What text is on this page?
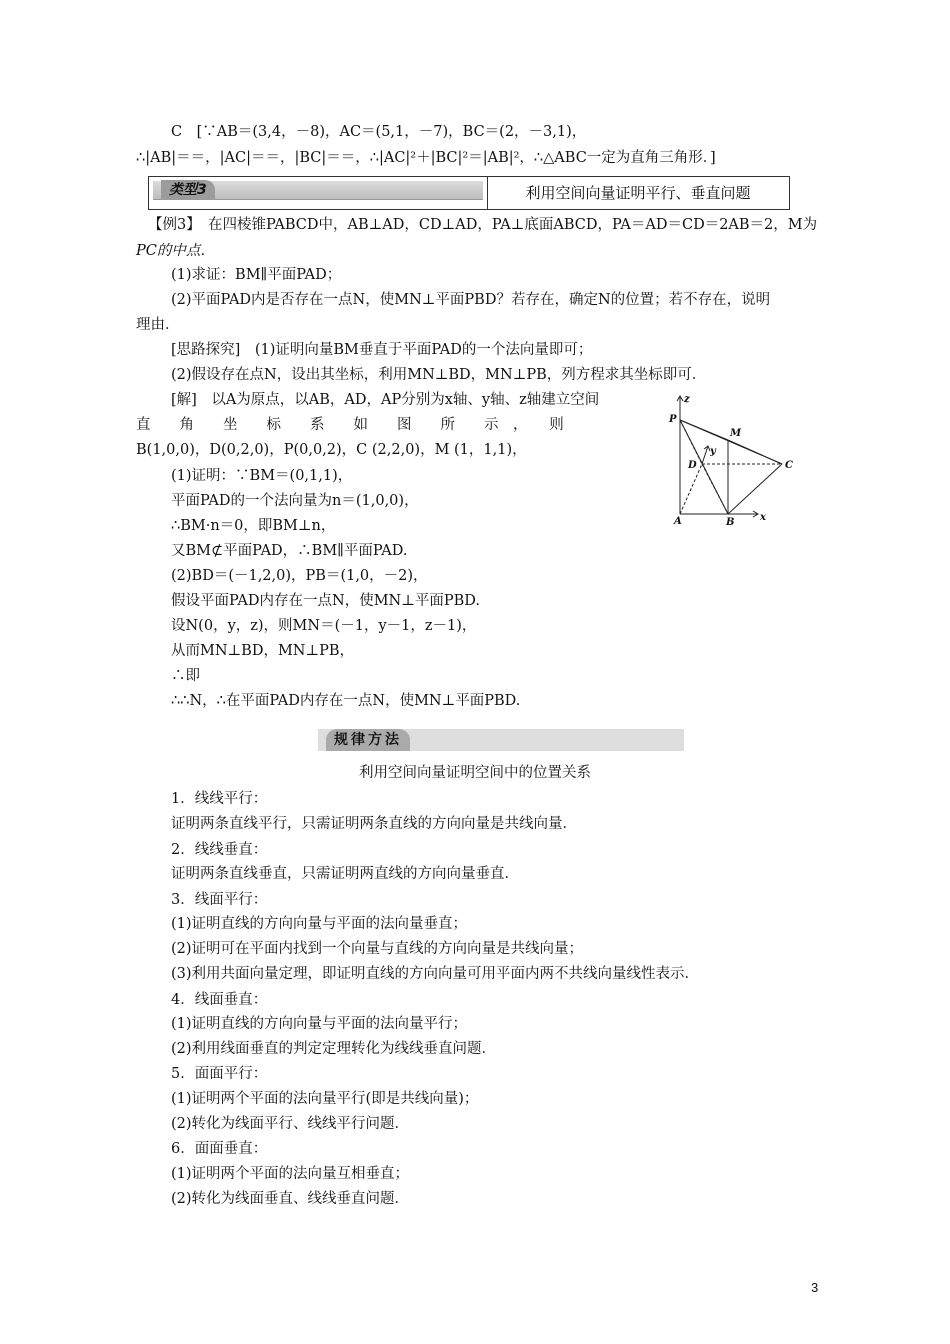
C　[∵AB＝(3,4，－8)，AC＝(5,1，－7)，BC＝(2，－3,1)，
∴|AB|＝＝，|AC|＝＝，|BC|＝＝，∴|AC|²＋|BC|²＝|AB|²，∴△ABC一定为直角三角形．]
类型3	利用空间向量证明平行、垂直问题
【例3】　在四棱锥PABCD中，AB⊥AD，CD⊥AD，PA⊥底面ABCD，PA＝AD＝CD＝2AB＝2，M为
PC的中点．
(1)求证：BM∥平面PAD；
(2)平面PAD内是否存在一点N，使MN⊥平面PBD？若存在，确定N的位置；若不存在，说明
理由．
[思路探究]　(1)证明向量BM垂直于平面PAD的一个法向量即可；
(2)假设存在点N，设出其坐标，利用MN⊥BD，MN⊥PB，列方程求其坐标即可．
[解]　以A为原点，以AB，AD，AP分别为x轴、y轴、z轴建立空间
直　　角　　坐　　标　　系　　如　　图　　所　　示　，　　则
B(1,0,0)，D(0,2,0)，P(0,0,2)，C (2,2,0)，M (1，1,1)，
(1)证明：∵BM＝(0,1,1)，
平面PAD的一个法向量为n＝(1,0,0)，
∴BM·n＝0，即BM⊥n，
又BM⊄平面PAD，∴BM∥平面PAD.
(2)BD＝(－1,2,0)，PB＝(1,0，－2)，
假设平面PAD内存在一点N，使MN⊥平面PBD.
设N(0，y，z)，则MN＝(－1，y－1，z－1)，
从而MN⊥BD，MN⊥PB，
∴即
∴∴N，∴在平面PAD内存在一点N，使MN⊥平面PBD.
z
P
M
y
D	C
A	B	x
规律方法
利用空间向量证明空间中的位置关系
1．线线平行：
证明两条直线平行，只需证明两条直线的方向向量是共线向量．
2．线线垂直：
证明两条直线垂直，只需证明两直线的方向向量垂直．
3．线面平行：
(1)证明直线的方向向量与平面的法向量垂直；
(2)证明可在平面内找到一个向量与直线的方向向量是共线向量；
(3)利用共面向量定理，即证明直线的方向向量可用平面内两不共线向量线性表示．
4．线面垂直：
(1)证明直线的方向向量与平面的法向量平行；
(2)利用线面垂直的判定定理转化为线线垂直问题．
5．面面平行：
(1)证明两个平面的法向量平行(即是共线向量)；
(2)转化为线面平行、线线平行问题．
6．面面垂直：
(1)证明两个平面的法向量互相垂直；
(2)转化为线面垂直、线线垂直问题．
3
